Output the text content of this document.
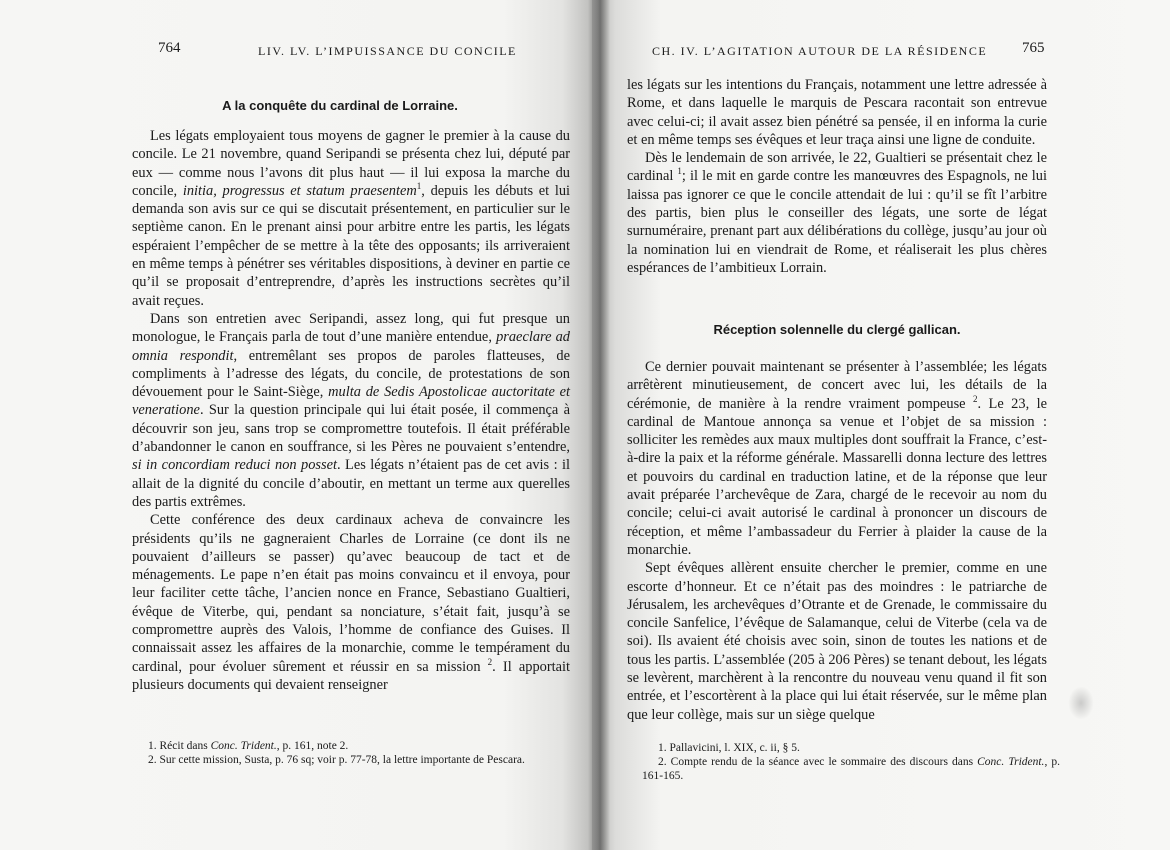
764	LIV. LV. L’IMPUISSANCE DU CONCILE
A la conquête du cardinal de Lorraine.

Les légats employaient tous moyens de gagner le premier à la cause du concile. Le 21 novembre, quand Seripandi se présenta chez lui, député par eux — comme nous l’avons dit plus haut — il lui exposa la marche du concile, initia, progressus et statum praesentem$^1$, depuis les débuts et lui demanda son avis sur ce qui se discutait présentement, en particulier sur le septième canon. En le prenant ainsi pour arbitre entre les partis, les légats espéraient l’empêcher de se mettre à la tête des opposants; ils arriveraient en même temps à pénétrer ses véritables dispositions, à deviner en partie ce qu’il se proposait d’entreprendre, d’après les instructions secrètes qu’il avait reçues.

Dans son entretien avec Seripandi, assez long, qui fut presque un monologue, le Français parla de tout d’une manière entendue, praeclare ad omnia respondit, entremêlant ses propos de paroles flatteuses, de compliments à l’adresse des légats, du concile, de protestations de son dévouement pour le Saint-Siège, multa de Sedis Apostolicae auctoritate et veneratione. Sur la question principale qui lui était posée, il commença à découvrir son jeu, sans trop se compromettre toutefois. Il était préférable d’abandonner le canon en souffrance, si les Pères ne pouvaient s’entendre, si in concordiam reduci non posset. Les légats n’étaient pas de cet avis : il allait de la dignité du concile d’aboutir, en mettant un terme aux querelles des partis extrêmes.

Cette conférence des deux cardinaux acheva de convaincre les présidents qu’ils ne gagneraient Charles de Lorraine (ce dont ils ne pouvaient d’ailleurs se passer) qu’avec beaucoup de tact et de ménagements. Le pape n’en était pas moins convaincu et il envoya, pour leur faciliter cette tâche, l’ancien nonce en France, Sebastiano Gualtieri, évêque de Viterbe, qui, pendant sa nonciature, s’était fait, jusqu’à se compromettre auprès des Valois, l’homme de confiance des Guises. Il connaissait assez les affaires de la monarchie, comme le tempérament du cardinal, pour évoluer sûrement et réussir en sa mission $^2$. Il apportait plusieurs documents qui devaient renseigner

1. Récit dans Conc. Trident., p. 161, note 2.

2. Sur cette mission, Susta, p. 76 sq; voir p. 77-78, la lettre importante de Pescara.

CH. IV. L’AGITATION AUTOUR DE LA RÉSIDENCE 765

les légats sur les intentions du Français, notamment une lettre adressée à Rome, et dans laquelle le marquis de Pescara racontait son entrevue avec celui-ci; il avait assez bien pénétré sa pensée, il en informa la curie et en même temps ses évêques et leur traça ainsi une ligne de conduite.

Dès le lendemain de son arrivée, le 22, Gualtieri se présentait chez le cardinal $^1$; il le mit en garde contre les manœuvres des Espagnols, ne lui laissa pas ignorer ce que le concile attendait de lui : qu’il se fît l’arbitre des partis, bien plus le conseiller des légats, une sorte de légat surnuméraire, prenant part aux délibérations du collège, jusqu’au jour où la nomination lui en viendrait de Rome, et réaliserait les plus chères espérances de l’ambitieux Lorrain.

Réception solennelle du clergé gallican.

Ce dernier pouvait maintenant se présenter à l’assemblée; les légats arrêtèrent minutieusement, de concert avec lui, les détails de la cérémonie, de manière à la rendre vraiment pompeuse $^2$. Le 23, le cardinal de Mantoue annonça sa venue et l’objet de sa mission : solliciter les remèdes aux maux multiples dont souffrait la France, c’est-à-dire la paix et la réforme générale. Massarelli donna lecture des lettres et pouvoirs du cardinal en traduction latine, et de la réponse que leur avait préparée l’archevêque de Zara, chargé de le recevoir au nom du concile; celui-ci avait autorisé le cardinal à prononcer un discours de réception, et même l’ambassadeur du Ferrier à plaider la cause de la monarchie.

Sept évêques allèrent ensuite chercher le premier, comme en une escorte d’honneur. Et ce n’était pas des moindres : le patriarche de Jérusalem, les archevêques d’Otrante et de Grenade, le commissaire du concile Sanfelice, l’évêque de Salamanque, celui de Viterbe (cela va de soi). Ils avaient été choisis avec soin, sinon de toutes les nations et de tous les partis. L’assemblée (205 à 206 Pères) se tenant debout, les légats se levèrent, marchèrent à la rencontre du nouveau venu quand il fit son entrée, et l’escortèrent à la place qui lui était réservée, sur le même plan que leur collège, mais sur un siège quelque

1. Pallavicini, l. XIX, c. ii, § 5.

2. Compte rendu de la séance avec le sommaire des discours dans Conc. Trident., p. 161-165.
